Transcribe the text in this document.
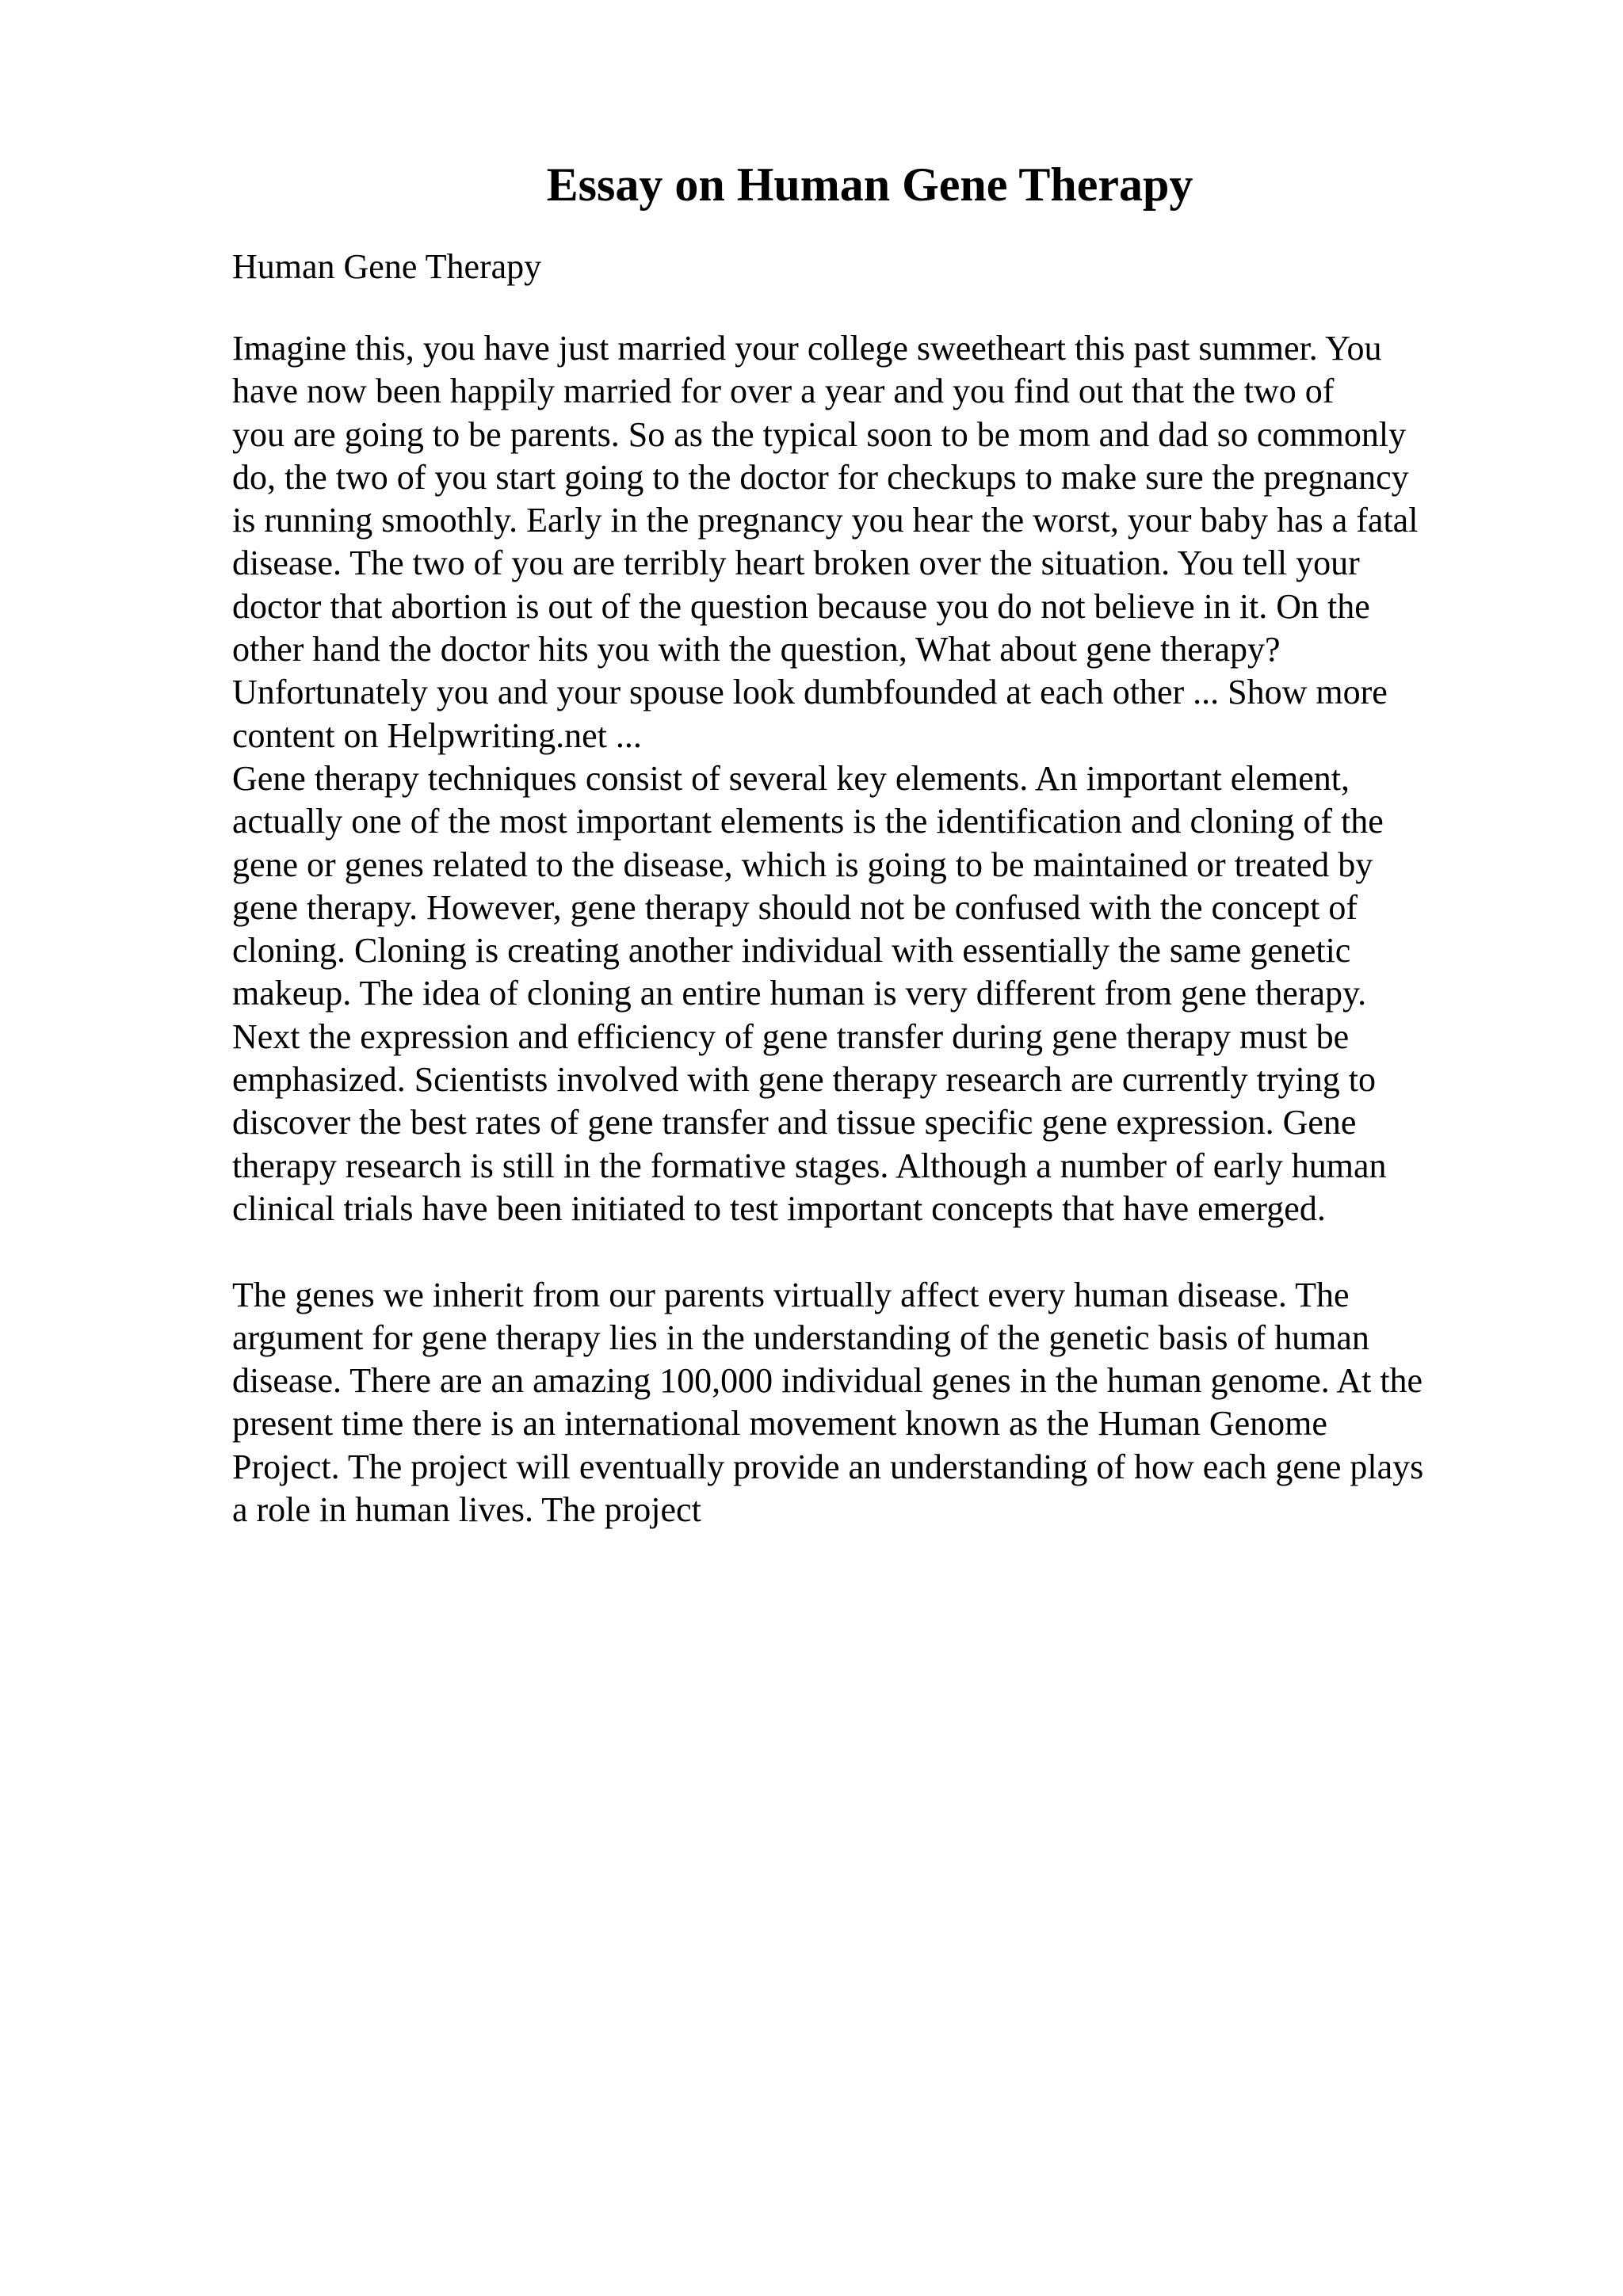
Essay on Human Gene Therapy

Human Gene Therapy

Imagine this, you have just married your college sweetheart this past summer. You
have now been happily married for over a year and you find out that the two of
you are going to be parents. So as the typical soon to be mom and dad so commonly
do, the two of you start going to the doctor for checkups to make sure the pregnancy
is running smoothly. Early in the pregnancy you hear the worst, your baby has a fatal
disease. The two of you are terribly heart broken over the situation. You tell your
doctor that abortion is out of the question because you do not believe in it. On the
other hand the doctor hits you with the question, What about gene therapy?
Unfortunately you and your spouse look dumbfounded at each other ... Show more
content on Helpwriting.net ...
Gene therapy techniques consist of several key elements. An important element,
actually one of the most important elements is the identification and cloning of the
gene or genes related to the disease, which is going to be maintained or treated by
gene therapy. However, gene therapy should not be confused with the concept of
cloning. Cloning is creating another individual with essentially the same genetic
makeup. The idea of cloning an entire human is very different from gene therapy.
Next the expression and efficiency of gene transfer during gene therapy must be
emphasized. Scientists involved with gene therapy research are currently trying to
discover the best rates of gene transfer and tissue specific gene expression. Gene
therapy research is still in the formative stages. Although a number of early human
clinical trials have been initiated to test important concepts that have emerged.
The genes we inherit from our parents virtually affect every human disease. The
argument for gene therapy lies in the understanding of the genetic basis of human
disease. There are an amazing 100,000 individual genes in the human genome. At the
present time there is an international movement known as the Human Genome
Project. The project will eventually provide an understanding of how each gene plays
a role in human lives. The project
